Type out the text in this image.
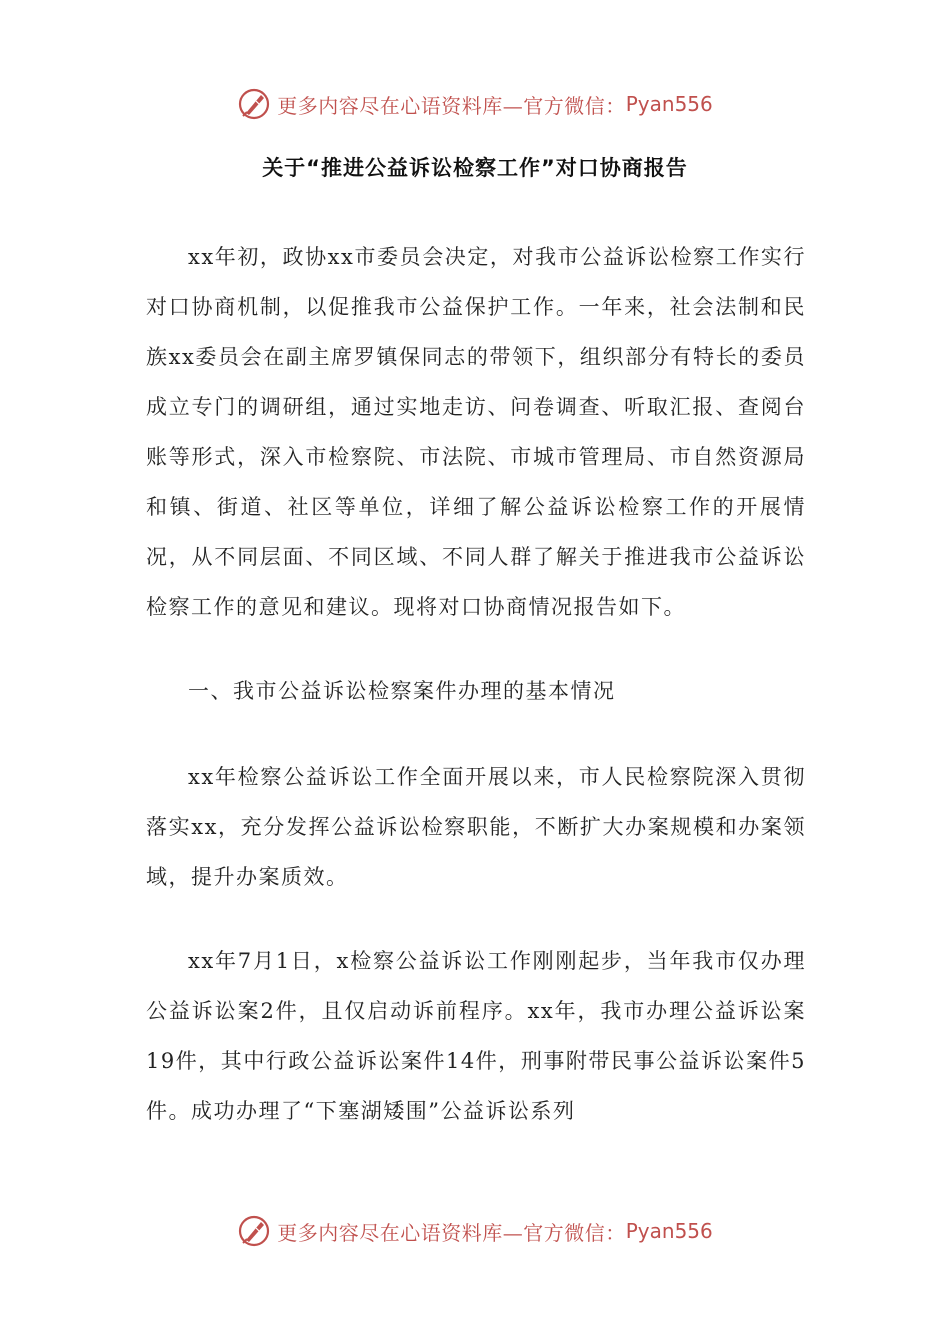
更多内容尽在心语资料库—官方微信： Pyan556
关于“推进公益诉讼检察工作”对口协商报告

xx年初，政协xx市委员会决定，对我市公益诉讼检察工作实行对口协商机制，以促推我市公益保护工作。一年来，社会法制和民族xx委员会在副主席罗镇保同志的带领下，组织部分有特长的委员成立专门的调研组，通过实地走访、问卷调查、听取汇报、查阅台账等形式，深入市检察院、市法院、市城市管理局、市自然资源局和镇、街道、社区等单位，详细了解公益诉讼检察工作的开展情况，从不同层面、不同区域、不同人群了解关于推进我市公益诉讼检察工作的意见和建议。现将对口协商情况报告如下。

一、我市公益诉讼检察案件办理的基本情况

xx年检察公益诉讼工作全面开展以来，市人民检察院深入贯彻落实xx，充分发挥公益诉讼检察职能，不断扩大办案规模和办案领域，提升办案质效。

xx年7月1日，x检察公益诉讼工作刚刚起步，当年我市仅办理公益诉讼案2件，且仅启动诉前程序。xx年，我市办理公益诉讼案19件，其中行政公益诉讼案件14件，刑事附带民事公益诉讼案件5件。成功办理了“下塞湖矮围”公益诉讼系列

更多内容尽在心语资料库—官方微信： Pyan556
